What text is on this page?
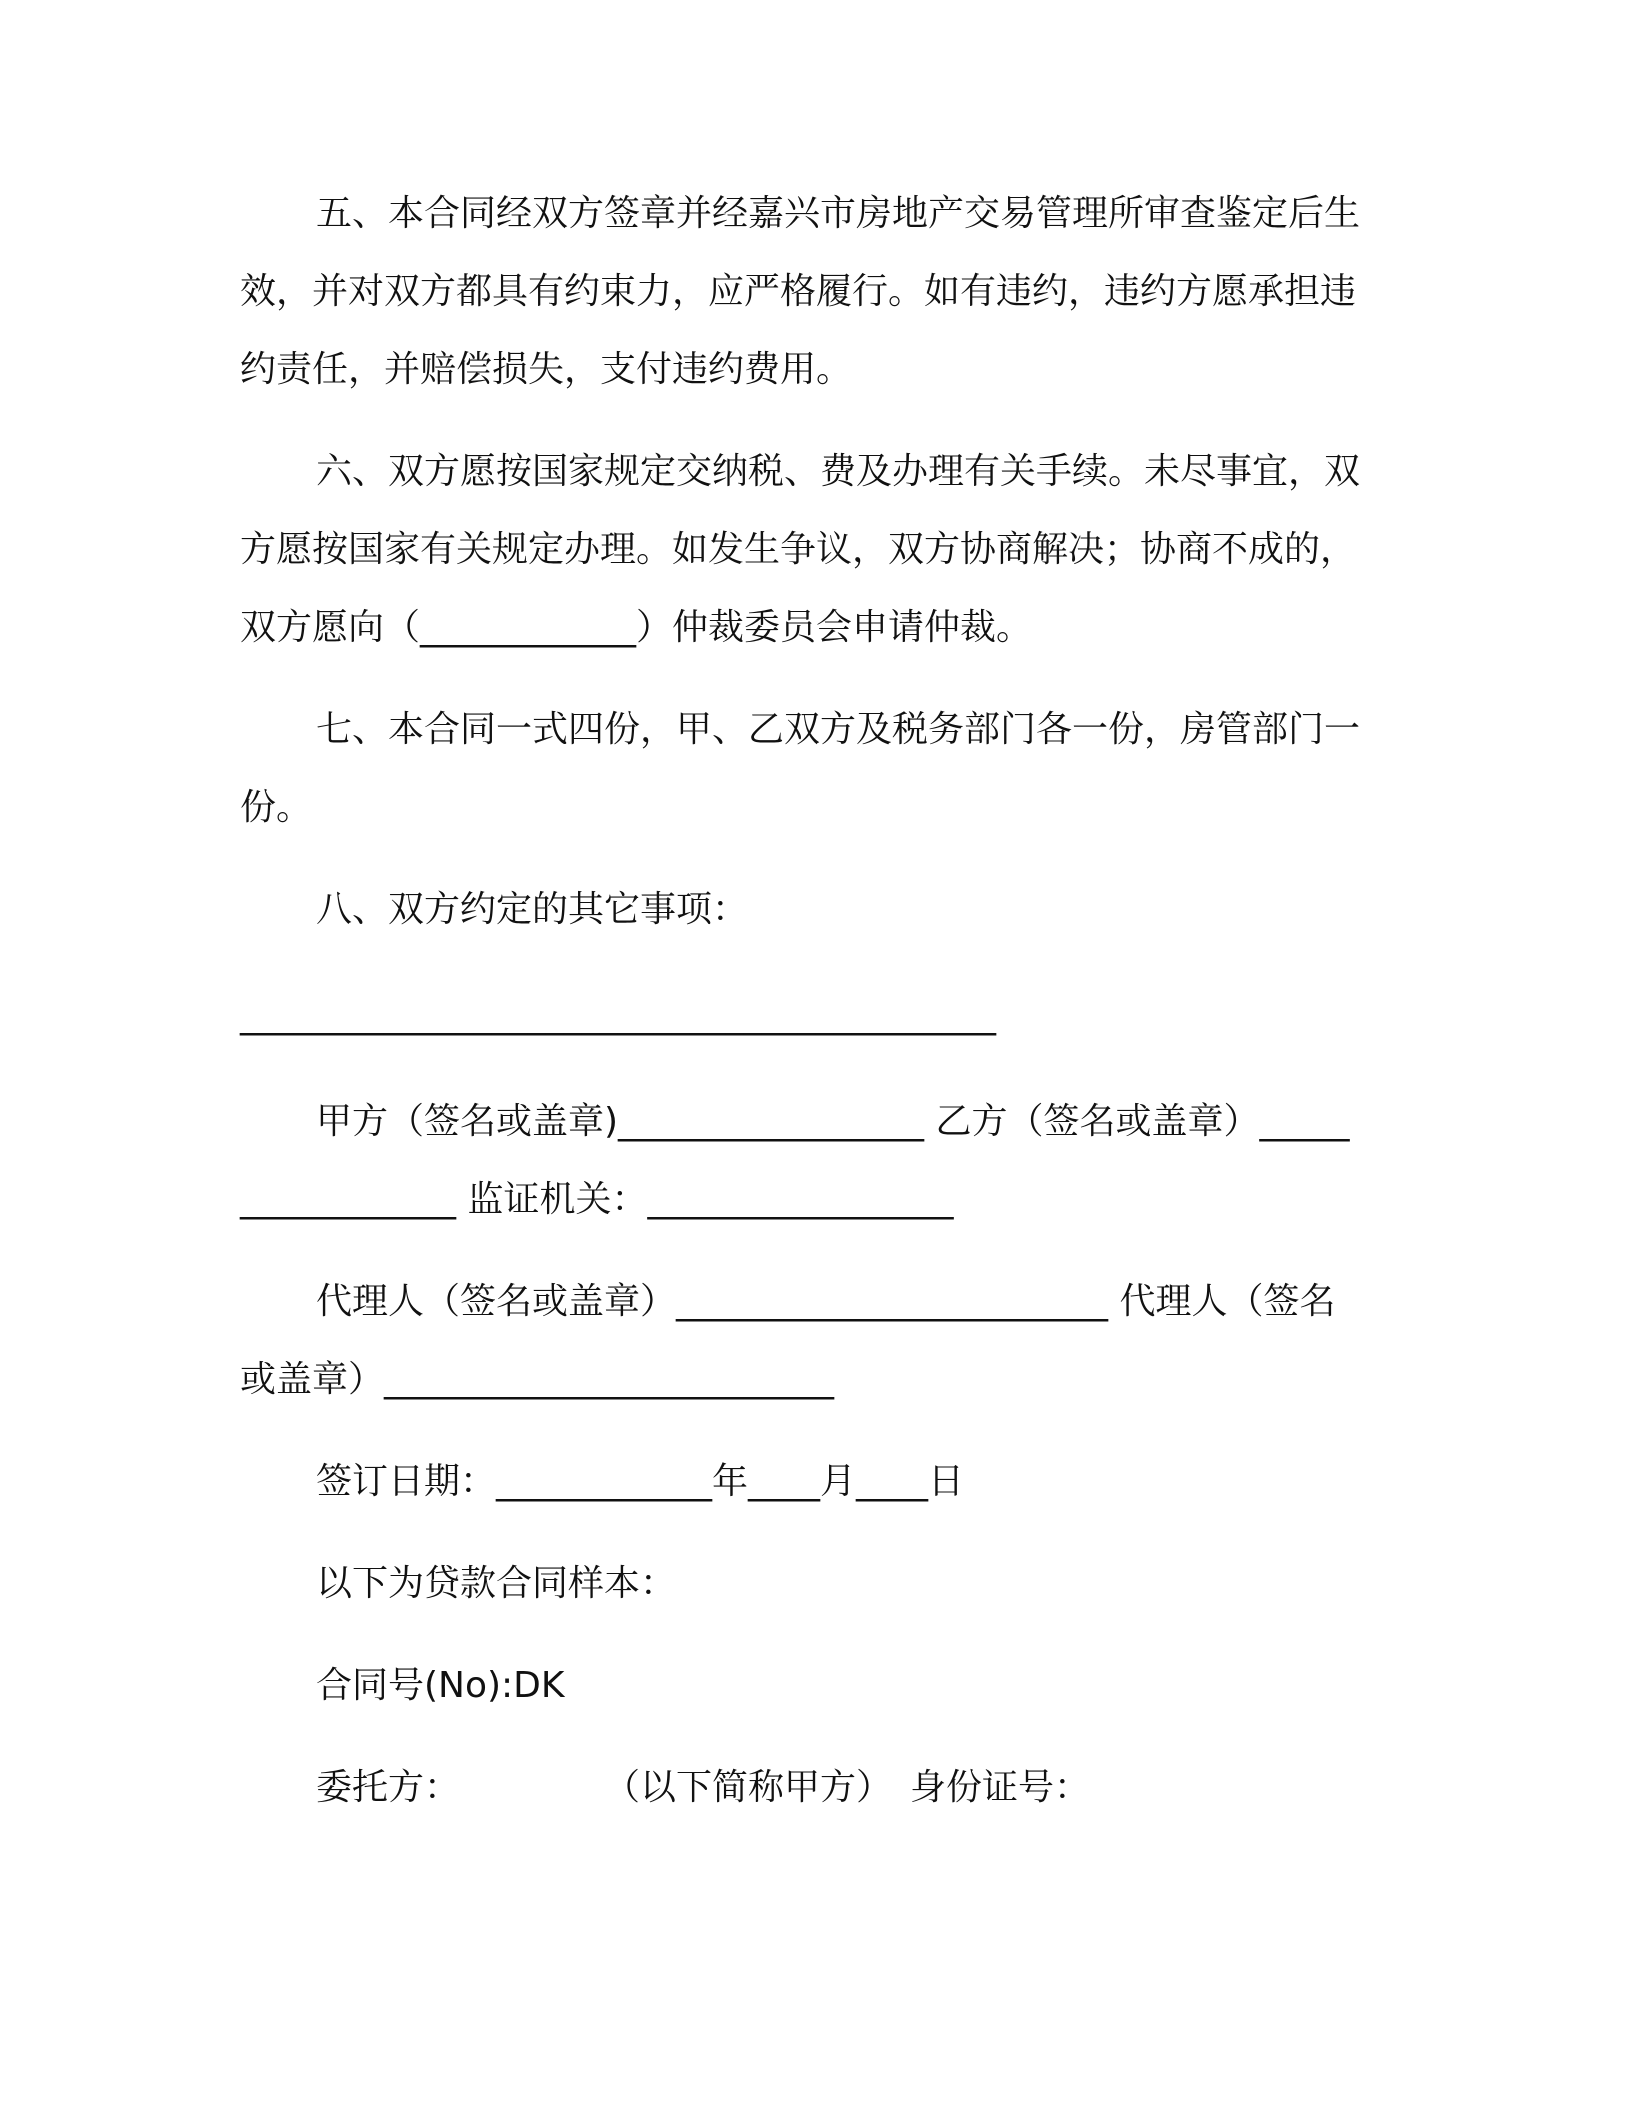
五、本合同经双方签章并经嘉兴市房地产交易管理所审查鉴定后生效，并对双方都具有约束力，应严格履行。如有违约，违约方愿承担违约责任，并赔偿损失，支付违约费用。

六、双方愿按国家规定交纳税、费及办理有关手续。未尽事宜，双方愿按国家有关规定办理。如发生争议，双方协商解决；协商不成的，双方愿向（____________）仲裁委员会申请仲裁。

七、本合同一式四份，甲、乙双方及税务部门各一份，房管部门一份。

八、双方约定的其它事项：

__________________________________________

甲方（签名或盖章)_________________ 乙方（签名或盖章）_________________ 监证机关：_________________

代理人（签名或盖章）________________________ 代理人（签名或盖章）_________________________

签订日期：____________年____月____日

以下为贷款合同样本：

合同号(No):DK

委托方：　　　　　（以下简称甲方）　身份证号：
